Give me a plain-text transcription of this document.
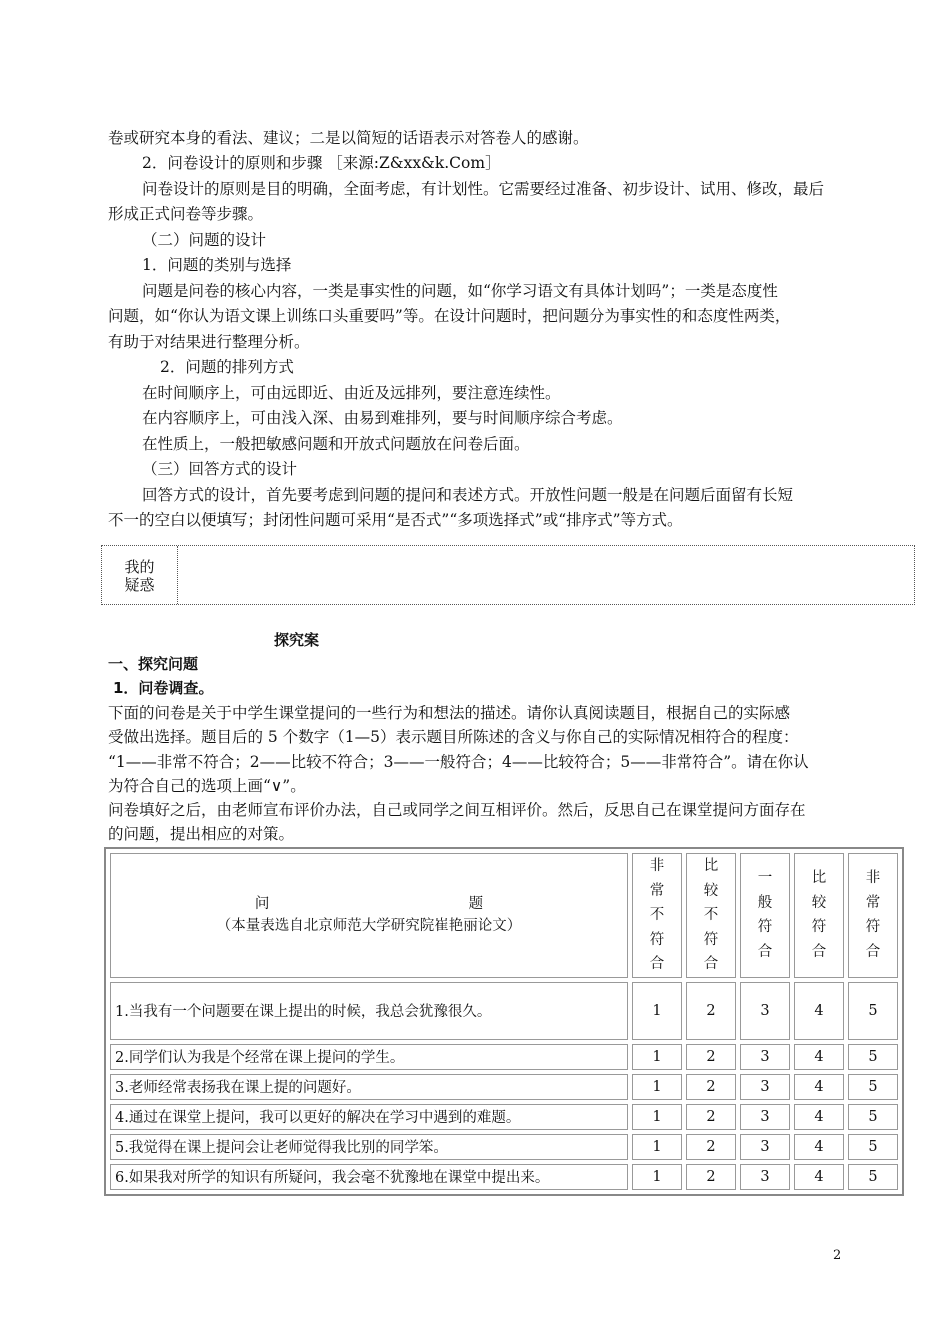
卷或研究本身的看法、建议；二是以简短的话语表示对答卷人的感谢。
2．问卷设计的原则和步骤 ［来源:Z&xx&k.Com］
问卷设计的原则是目的明确，全面考虑，有计划性。它需要经过准备、初步设计、试用、修改，最后
形成正式问卷等步骤。
（二）问题的设计
1．问题的类别与选择
问题是问卷的核心内容，一类是事实性的问题，如“你学习语文有具体计划吗”；一类是态度性
问题，如“你认为语文课上训练口头重要吗”等。在设计问题时，把问题分为事实性的和态度性两类，
有助于对结果进行整理分析。
2．问题的排列方式
在时间顺序上，可由远即近、由近及远排列，要注意连续性。
在内容顺序上，可由浅入深、由易到难排列，要与时间顺序综合考虑。
在性质上，一般把敏感问题和开放式问题放在问卷后面。
（三）回答方式的设计
回答方式的设计，首先要考虑到问题的提问和表述方式。开放性问题一般是在问题后面留有长短
不一的空白以便填写；封闭性问题可采用“是否式”“多项选择式”或“排序式”等方式。
我的
疑惑
探究案
一、探究问题
1．问卷调查。
下面的问卷是关于中学生课堂提问的一些行为和想法的描述。请你认真阅读题目，根据自己的实际感
受做出选择。题目后的 5 个数字（1—5）表示题目所陈述的含义与你自己的实际情况相符合的程度：
“1——非常不符合；2——比较不符合；3——一般符合；4——比较符合；5——非常符合”。请在你认
为符合自己的选项上画“∨”。
问卷填好之后，由老师宣布评价办法，自己或同学之间互相评价。然后，反思自己在课堂提问方面存在
的问题，提出相应的对策。
问 题
（本量表选自北京师范大学研究院崔艳丽论文）	非常不符合	比较不符合	一般符合	比较符合	非常符合

1.当我有一个问题要在课上提出的时候，我总会犹豫很久。	1	2	3	4	5
2.同学们认为我是个经常在课上提问的学生。	1	2	3	4	5
3.老师经常表扬我在课上提的问题好。	1	2	3	4	5
4.通过在课堂上提问，我可以更好的解决在学习中遇到的难题。	1	2	3	4	5
5.我觉得在课上提问会让老师觉得我比别的同学笨。	1	2	3	4	5
6.如果我对所学的知识有所疑问，我会毫不犹豫地在课堂中提出来。	1	2	3	4	5
2
